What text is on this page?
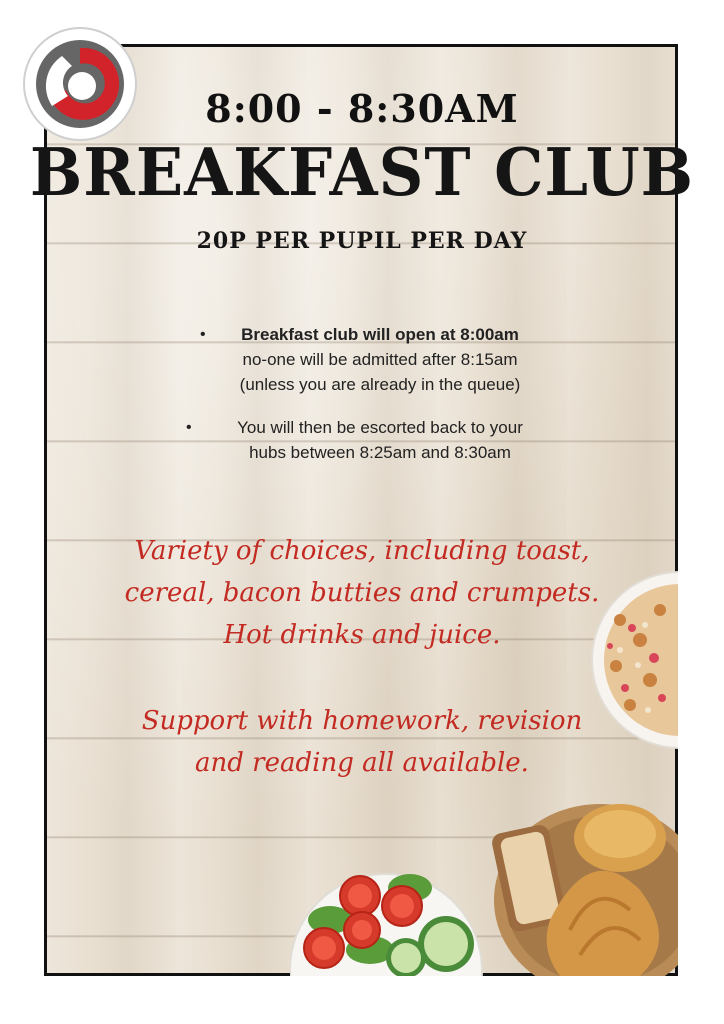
8:00 - 8:30AM
BREAKFAST CLUB
20P PER PUPIL PER DAY
•	Breakfast club will open at 8:00am
no-one will be admitted after 8:15am
(unless you are already in the queue)
•	You will then be escorted back to your
hubs between 8:25am and 8:30am
Variety of choices, including toast,
cereal, bacon butties and crumpets.
Hot drinks and juice.
Support with homework, revision
and reading all available.
